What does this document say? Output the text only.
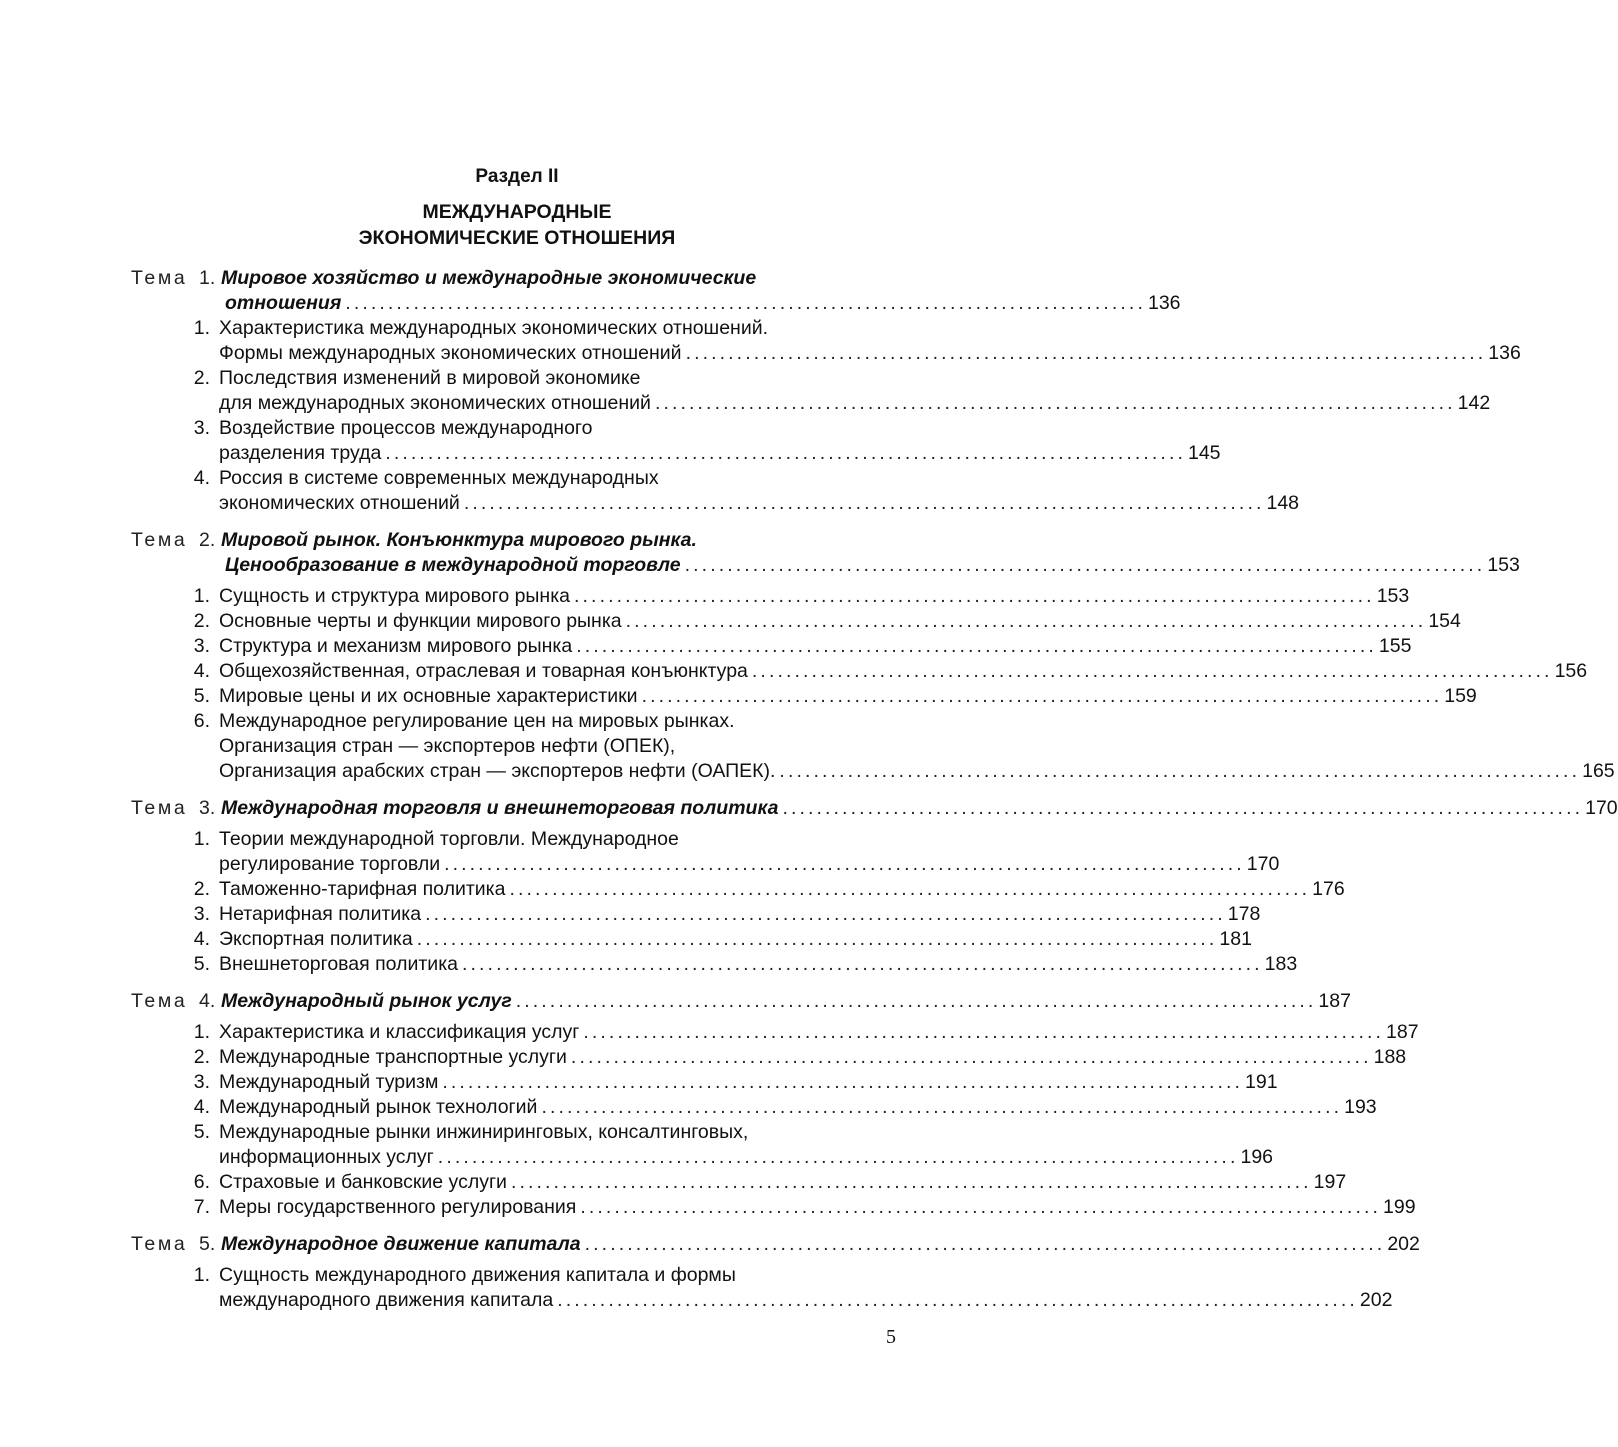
Раздел II
МЕЖДУНАРОДНЫЕ
ЭКОНОМИЧЕСКИЕ ОТНОШЕНИЯ
Тема 1. Мировое хозяйство и международные экономические
отношения .............................................................................................. 136
1. Характеристика международных экономических отношений.
Формы международных экономических отношений .............................................................................................. 136
2. Последствия изменений в мировой экономике
для международных экономических отношений .............................................................................................. 142
3. Воздействие процессов международного
разделения труда .............................................................................................. 145
4. Россия в системе современных международных
экономических отношений .............................................................................................. 148
Тема 2. Мировой рынок. Конъюнктура мирового рынка.
Ценообразование в международной торговле .............................................................................................. 153
1. Сущность и структура мирового рынка .............................................................................................. 153
2. Основные черты и функции мирового рынка .............................................................................................. 154
3. Структура и механизм мирового рынка .............................................................................................. 155
4. Общехозяйственная, отраслевая и товарная конъюнктура .............................................................................................. 156
5. Мировые цены и их основные характеристики .............................................................................................. 159
6. Международное регулирование цен на мировых рынках.
Организация стран — экспортеров нефти (ОПЕК),
Организация арабских стран — экспортеров нефти (ОАПЕК). .............................................................................................. 165
Тема 3. Международная торговля и внешнеторговая политика .............................................................................................. 170
1. Теории международной торговли. Международное
регулирование торговли .............................................................................................. 170
2. Таможенно-тарифная политика .............................................................................................. 176
3. Нетарифная политика .............................................................................................. 178
4. Экспортная политика .............................................................................................. 181
5. Внешнеторговая политика .............................................................................................. 183
Тема 4. Международный рынок услуг .............................................................................................. 187
1. Характеристика и классификация услуг .............................................................................................. 187
2. Международные транспортные услуги .............................................................................................. 188
3. Международный туризм .............................................................................................. 191
4. Международный рынок технологий .............................................................................................. 193
5. Международные рынки инжиниринговых, консалтинговых,
информационных услуг .............................................................................................. 196
6. Страховые и банковские услуги .............................................................................................. 197
7. Меры государственного регулирования .............................................................................................. 199
Тема 5. Международное движение капитала .............................................................................................. 202
1. Сущность международного движения капитала и формы
международного движения капитала .............................................................................................. 202
5
